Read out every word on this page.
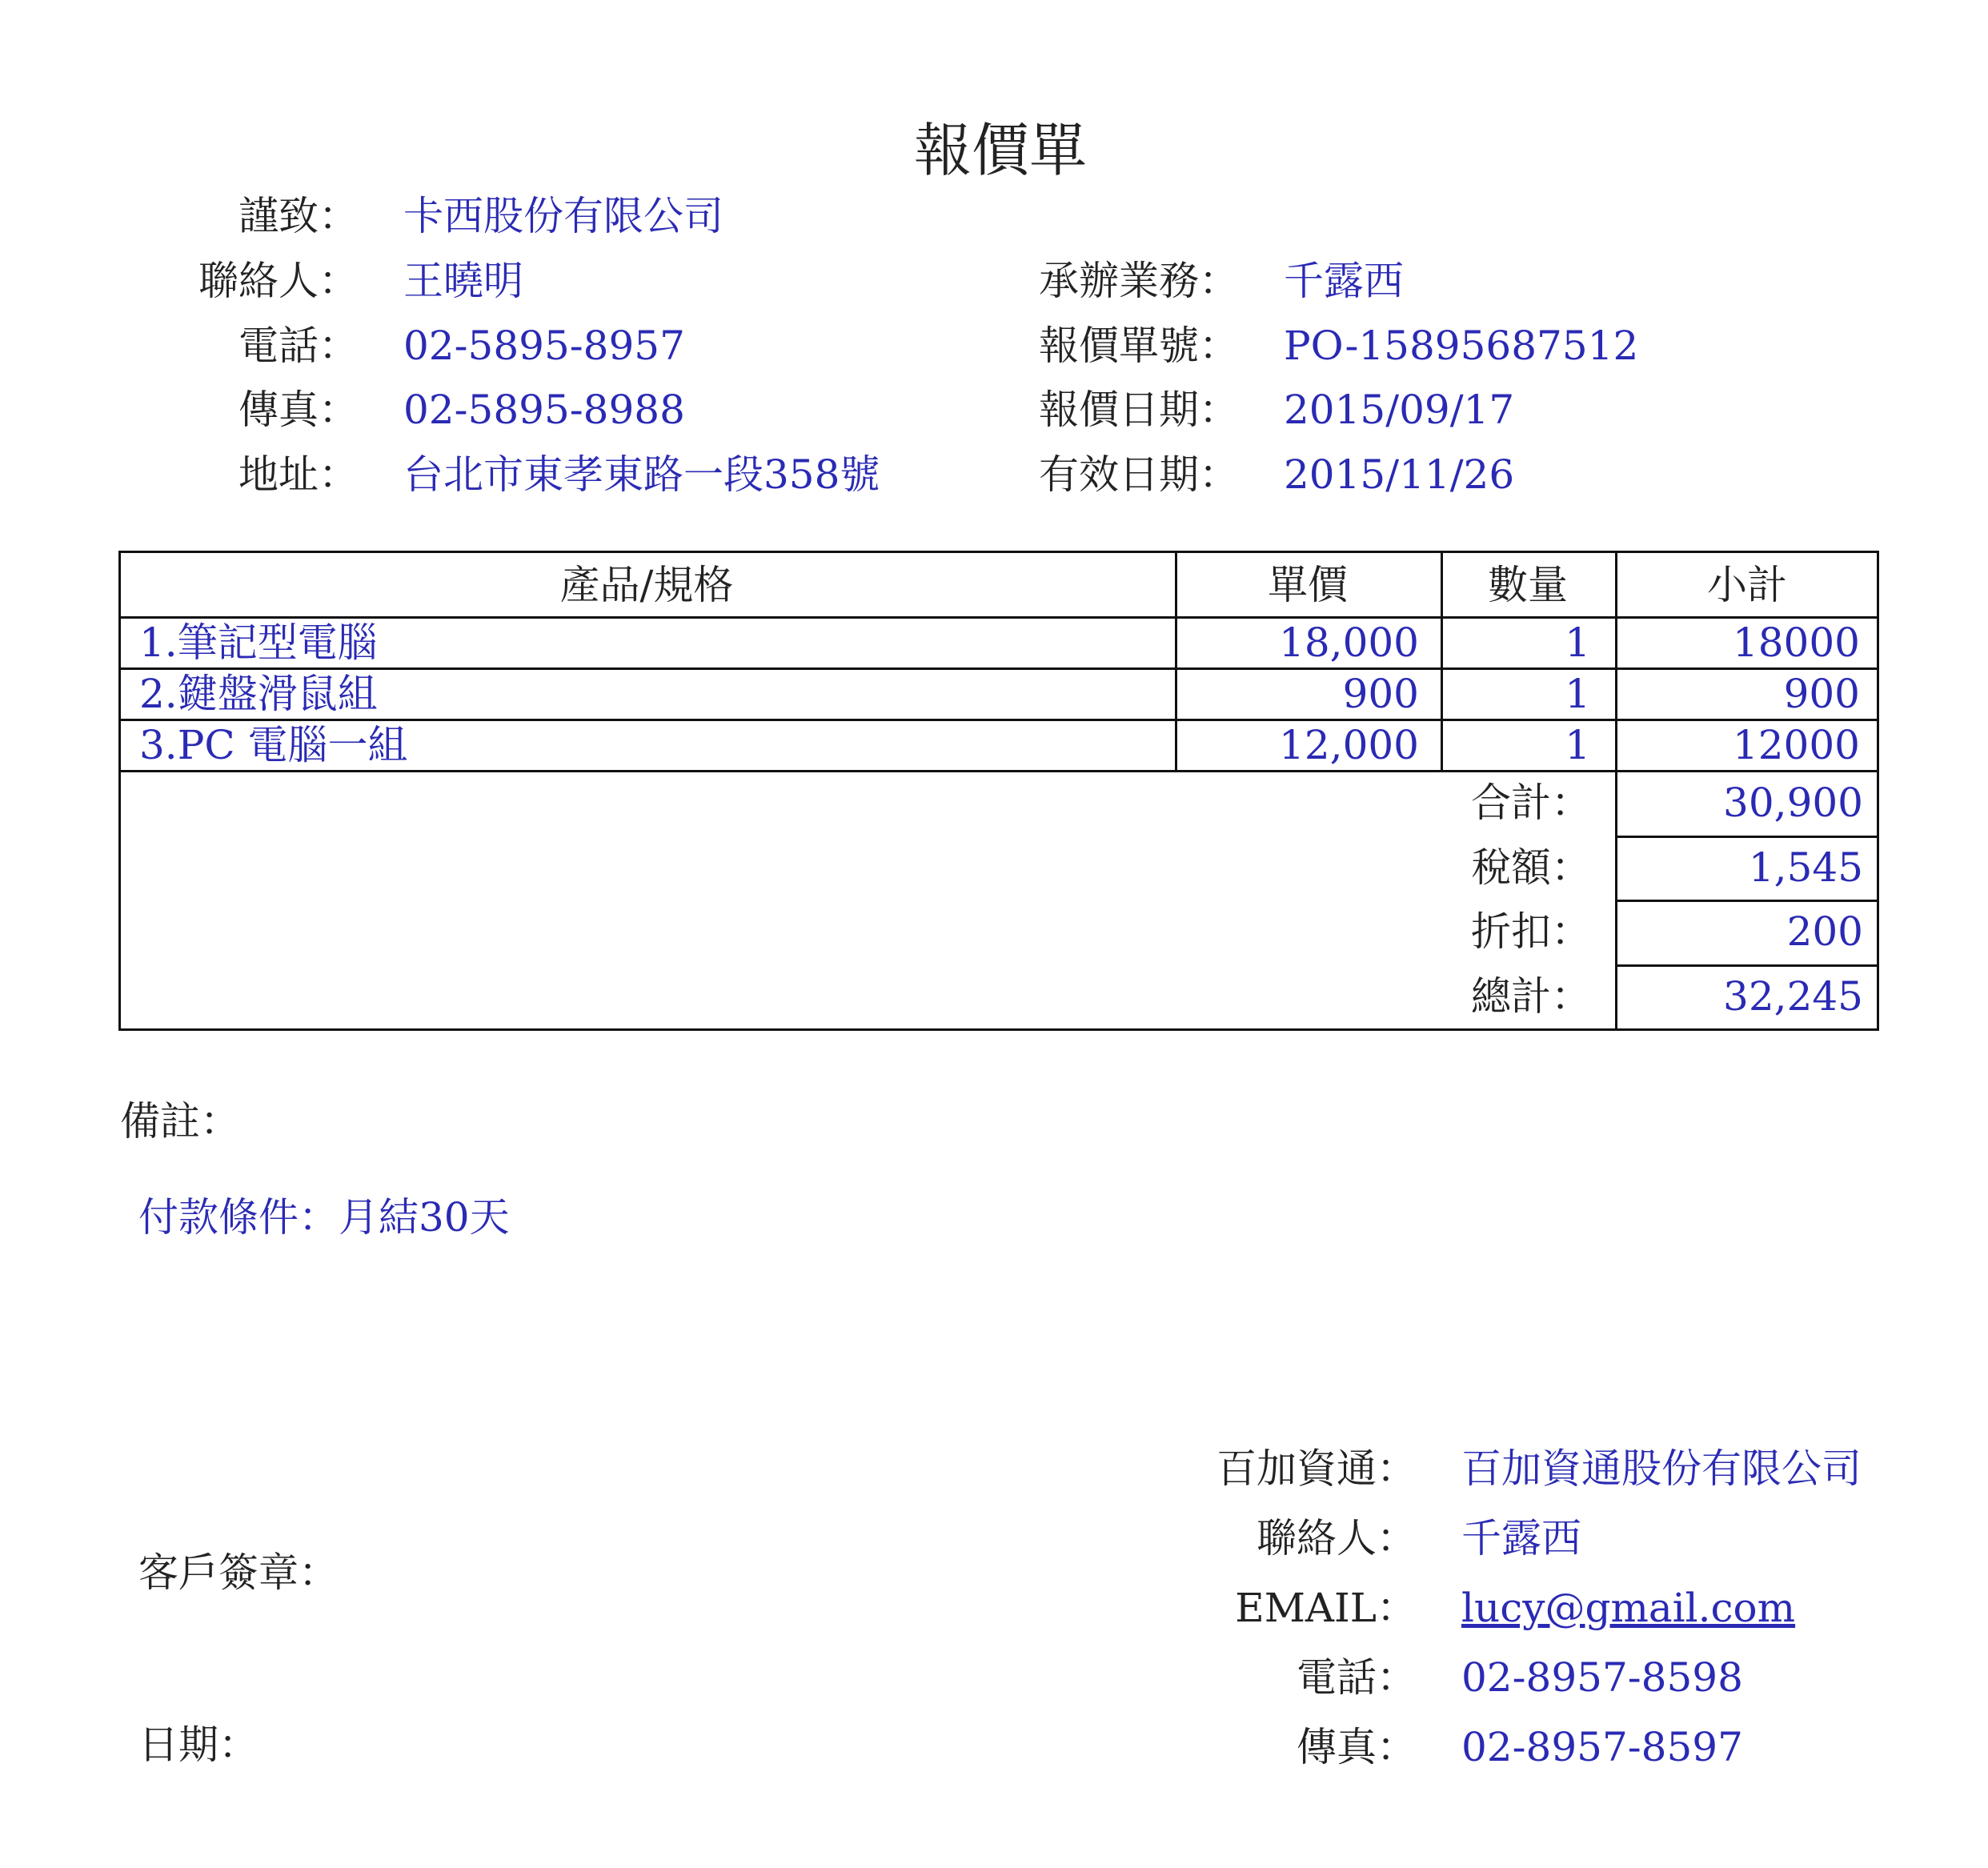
報價單
謹致： 卡西股份有限公司
聯絡人： 王曉明
電話： 02-5895-8957
傳真： 02-5895-8988
地址： 台北市東孝東路一段358號
承辦業務： 千露西
報價單號： PO-15895687512
報價日期： 2015/09/17
有效日期： 2015/11/26
產品/規格	單價	數量	小計
1.筆記型電腦	18,000	1	18000
2.鍵盤滑鼠組	900	1	900
3.PC 電腦一組	12,000	1	12000
合計：	30,900
稅額：	1,545
折扣：	200
總計：	32,245
備註：
付款條件：月結30天
客戶簽章：
日期：
百加資通： 百加資通股份有限公司
聯絡人： 千露西
EMAIL： lucy@gmail.com
電話： 02-8957-8598
傳真： 02-8957-8597
